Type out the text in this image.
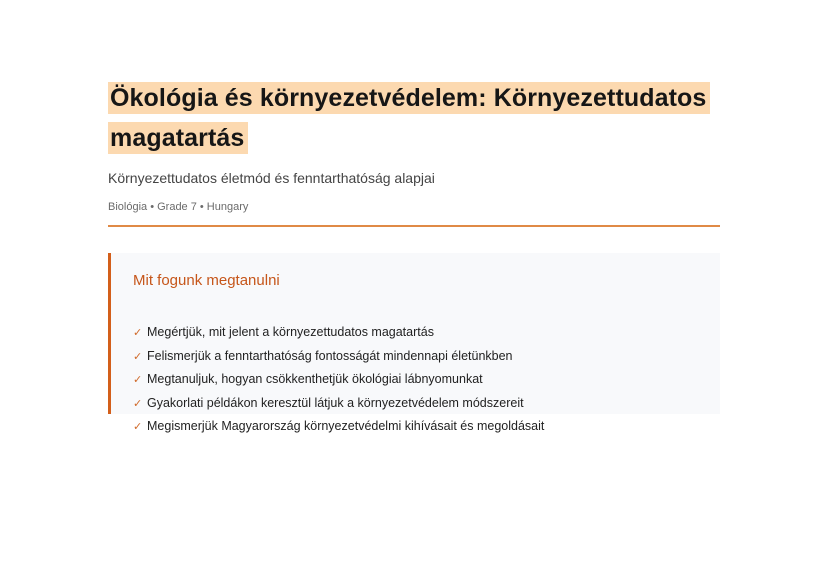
Ökológia és környezetvédelem: Környezettudatos magatartás

Környezettudatos életmód és fenntarthatóság alapjai

Biológia • Grade 7 • Hungary

Mit fogunk megtanulni
✓ Megértjük, mit jelent a környezettudatos magatartás
✓ Felismerjük a fenntarthatóság fontosságát mindennapi életünkben
✓ Megtanuljuk, hogyan csökkenthetjük ökológiai lábnyomunkat
✓ Gyakorlati példákon keresztül látjuk a környezetvédelem módszereit
✓ Megismerjük Magyarország környezetvédelmi kihívásait és megoldásait
